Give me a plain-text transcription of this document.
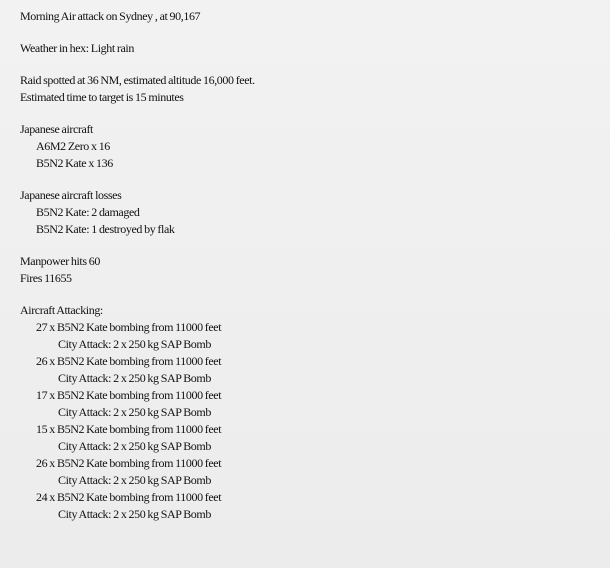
Morning Air attack on Sydney , at 90,167
Weather in hex: Light rain
Raid spotted at 36 NM, estimated altitude 16,000 feet.
Estimated time to target is 15 minutes
Japanese aircraft
A6M2 Zero x 16
B5N2 Kate x 136
Japanese aircraft losses
B5N2 Kate: 2 damaged
B5N2 Kate: 1 destroyed by flak
Manpower hits 60
Fires 11655
Aircraft Attacking:
27 x B5N2 Kate bombing from 11000 feet
City Attack: 2 x 250 kg SAP Bomb
26 x B5N2 Kate bombing from 11000 feet
City Attack: 2 x 250 kg SAP Bomb
17 x B5N2 Kate bombing from 11000 feet
City Attack: 2 x 250 kg SAP Bomb
15 x B5N2 Kate bombing from 11000 feet
City Attack: 2 x 250 kg SAP Bomb
26 x B5N2 Kate bombing from 11000 feet
City Attack: 2 x 250 kg SAP Bomb
24 x B5N2 Kate bombing from 11000 feet
City Attack: 2 x 250 kg SAP Bomb
